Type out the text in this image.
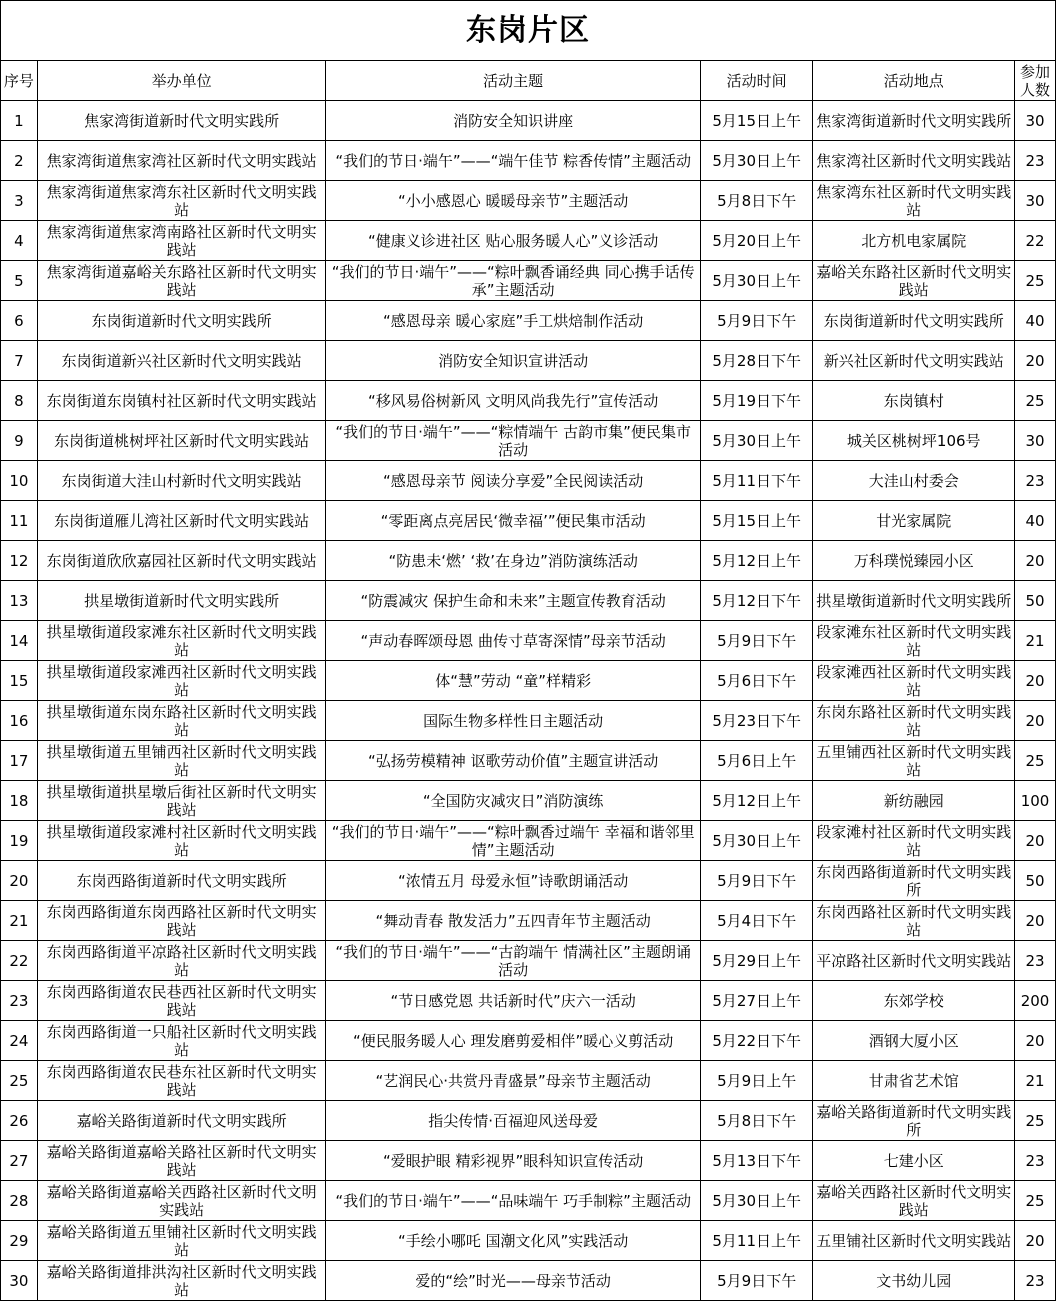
东岗片区					
序号	举办单位	活动主题	活动时间	活动地点	参加人数
1	焦家湾街道新时代文明实践所	消防安全知识讲座	5月15日上午	焦家湾街道新时代文明实践所	30
2	焦家湾街道焦家湾社区新时代文明实践站	“我们的节日·端午”——“端午佳节 粽香传情”主题活动	5月30日上午	焦家湾社区新时代文明实践站	23
3	焦家湾街道焦家湾东社区新时代文明实践站	“小小感恩心 暖暖母亲节”主题活动	5月8日下午	焦家湾东社区新时代文明实践站	30
4	焦家湾街道焦家湾南路社区新时代文明实践站	“健康义诊进社区 贴心服务暖人心”义诊活动	5月20日上午	北方机电家属院	22
5	焦家湾街道嘉峪关东路社区新时代文明实践站	“我们的节日·端午”——“粽叶飘香诵经典 同心携手话传承”主题活动	5月30日上午	嘉峪关东路社区新时代文明实践站	25
6	东岗街道新时代文明实践所	“感恩母亲 暖心家庭”手工烘焙制作活动	5月9日下午	东岗街道新时代文明实践所	40
7	东岗街道新兴社区新时代文明实践站	消防安全知识宣讲活动	5月28日下午	新兴社区新时代文明实践站	20
8	东岗街道东岗镇村社区新时代文明实践站	“移风易俗树新风 文明风尚我先行”宣传活动	5月19日下午	东岗镇村	25
9	东岗街道桃树坪社区新时代文明实践站	“我们的节日·端午”——“粽情端午 古韵市集”便民集市活动	5月30日上午	城关区桃树坪106号	30
10	东岗街道大洼山村新时代文明实践站	“感恩母亲节 阅读分享爱”全民阅读活动	5月11日下午	大洼山村委会	23
11	东岗街道雁儿湾社区新时代文明实践站	“零距离点亮居民‘微幸福’”便民集市活动	5月15日上午	甘光家属院	40
12	东岗街道欣欣嘉园社区新时代文明实践站	“防患未‘燃’ ‘救’在身边”消防演练活动	5月12日上午	万科璞悦臻园小区	20
13	拱星墩街道新时代文明实践所	“防震减灾 保护生命和未来”主题宣传教育活动	5月12日下午	拱星墩街道新时代文明实践所	50
14	拱星墩街道段家滩东社区新时代文明实践站	“声动春晖颂母恩 曲传寸草寄深情”母亲节活动	5月9日下午	段家滩东社区新时代文明实践站	21
15	拱星墩街道段家滩西社区新时代文明实践站	体“慧”劳动 “童”样精彩	5月6日下午	段家滩西社区新时代文明实践站	20
16	拱星墩街道东岗东路社区新时代文明实践站	国际生物多样性日主题活动	5月23日下午	东岗东路社区新时代文明实践站	20
17	拱星墩街道五里铺西社区新时代文明实践站	“弘扬劳模精神 讴歌劳动价值”主题宣讲活动	5月6日上午	五里铺西社区新时代文明实践站	25
18	拱星墩街道拱星墩后街社区新时代文明实践站	“全国防灾减灾日”消防演练	5月12日上午	新纺融园	100
19	拱星墩街道段家滩村社区新时代文明实践站	“我们的节日·端午”——“粽叶飘香过端午 幸福和谐邻里情”主题活动	5月30日上午	段家滩村社区新时代文明实践站	20
20	东岗西路街道新时代文明实践所	“浓情五月 母爱永恒”诗歌朗诵活动	5月9日下午	东岗西路街道新时代文明实践所	50
21	东岗西路街道东岗西路社区新时代文明实践站	“舞动青春 散发活力”五四青年节主题活动	5月4日下午	东岗西路社区新时代文明实践站	20
22	东岗西路街道平凉路社区新时代文明实践站	“我们的节日·端午”——“古韵端午 情满社区”主题朗诵活动	5月29日上午	平凉路社区新时代文明实践站	23
23	东岗西路街道农民巷西社区新时代文明实践站	“节日感党恩 共话新时代”庆六一活动	5月27日上午	东郊学校	200
24	东岗西路街道一只船社区新时代文明实践站	“便民服务暖人心 理发磨剪爱相伴”暖心义剪活动	5月22日下午	酒钢大厦小区	20
25	东岗西路街道农民巷东社区新时代文明实践站	“艺润民心·共赏丹青盛景”母亲节主题活动	5月9日上午	甘肃省艺术馆	21
26	嘉峪关路街道新时代文明实践所	指尖传情·百福迎风送母爱	5月8日下午	嘉峪关路街道新时代文明实践所	25
27	嘉峪关路街道嘉峪关路社区新时代文明实践站	“爱眼护眼 精彩视界”眼科知识宣传活动	5月13日下午	七建小区	23
28	嘉峪关路街道嘉峪关西路社区新时代文明实践站	“我们的节日·端午”——“品味端午 巧手制粽”主题活动	5月30日上午	嘉峪关西路社区新时代文明实践站	25
29	嘉峪关路街道五里铺社区新时代文明实践站	“手绘小哪吒 国潮文化风”实践活动	5月11日上午	五里铺社区新时代文明实践站	20
30	嘉峪关路街道排洪沟社区新时代文明实践站	爱的“绘”时光——母亲节活动	5月9日下午	文书幼儿园	23
